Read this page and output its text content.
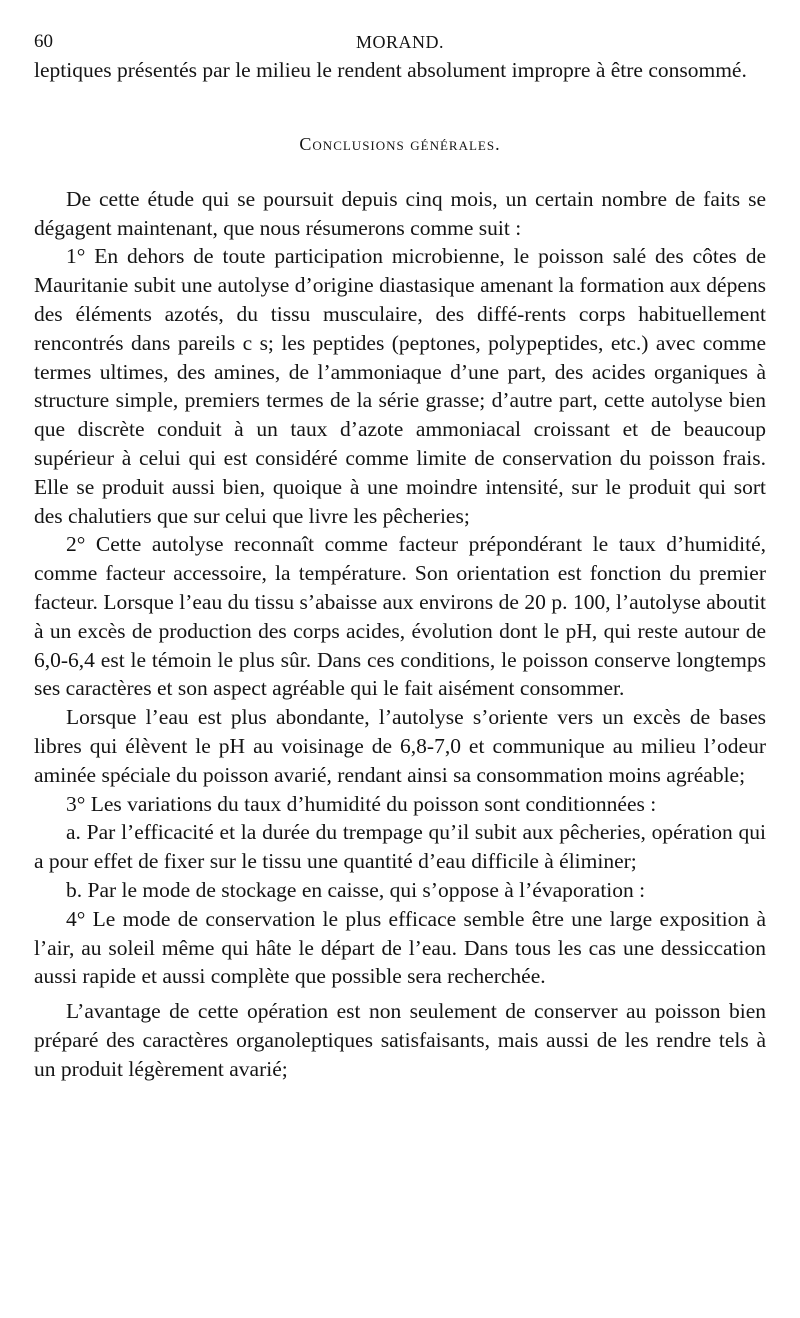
60	MORAND.

leptiques présentés par le milieu le rendent absolument impropre à être consommé.

Conclusions générales.

De cette étude qui se poursuit depuis cinq mois, un certain nombre de faits se dégagent maintenant, que nous résumerons comme suit :

1° En dehors de toute participation microbienne, le poisson salé des côtes de Mauritanie subit une autolyse d’origine diastasique amenant la formation aux dépens des éléments azotés, du tissu musculaire, des diffé-rents corps habituellement rencontrés dans pareils c s; les peptides (peptones, polypeptides, etc.) avec comme termes ultimes, des amines, de l’ammoniaque d’une part, des acides organiques à structure simple, premiers termes de la série grasse; d’autre part, cette autolyse bien que discrète conduit à un taux d’azote ammoniacal croissant et de beaucoup supérieur à celui qui est considéré comme limite de conservation du poisson frais. Elle se produit aussi bien, quoique à une moindre intensité, sur le produit qui sort des chalutiers que sur celui que livre les pêcheries;

2° Cette autolyse reconnaît comme facteur prépondérant le taux d’humidité, comme facteur accessoire, la température. Son orientation est fonction du premier facteur. Lorsque l’eau du tissu s’abaisse aux environs de 20 p. 100, l’autolyse aboutit à un excès de production des corps acides, évolution dont le pH, qui reste autour de 6,0-6,4 est le témoin le plus sûr. Dans ces conditions, le poisson conserve longtemps ses caractères et son aspect agréable qui le fait aisément consommer.

Lorsque l’eau est plus abondante, l’autolyse s’oriente vers un excès de bases libres qui élèvent le pH au voisinage de 6,8-7,0 et communique au milieu l’odeur aminée spéciale du poisson avarié, rendant ainsi sa consommation moins agréable;

3° Les variations du taux d’humidité du poisson sont conditionnées :

a. Par l’efficacité et la durée du trempage qu’il subit aux pêcheries, opération qui a pour effet de fixer sur le tissu une quantité d’eau difficile à éliminer;

b. Par le mode de stockage en caisse, qui s’oppose à l’évaporation :

4° Le mode de conservation le plus efficace semble être une large exposition à l’air, au soleil même qui hâte le départ de l’eau. Dans tous les cas une dessiccation aussi rapide et aussi complète que possible sera recherchée.

L’avantage de cette opération est non seulement de conserver au poisson bien préparé des caractères organoleptiques satisfaisants, mais aussi de les rendre tels à un produit légèrement avarié;
